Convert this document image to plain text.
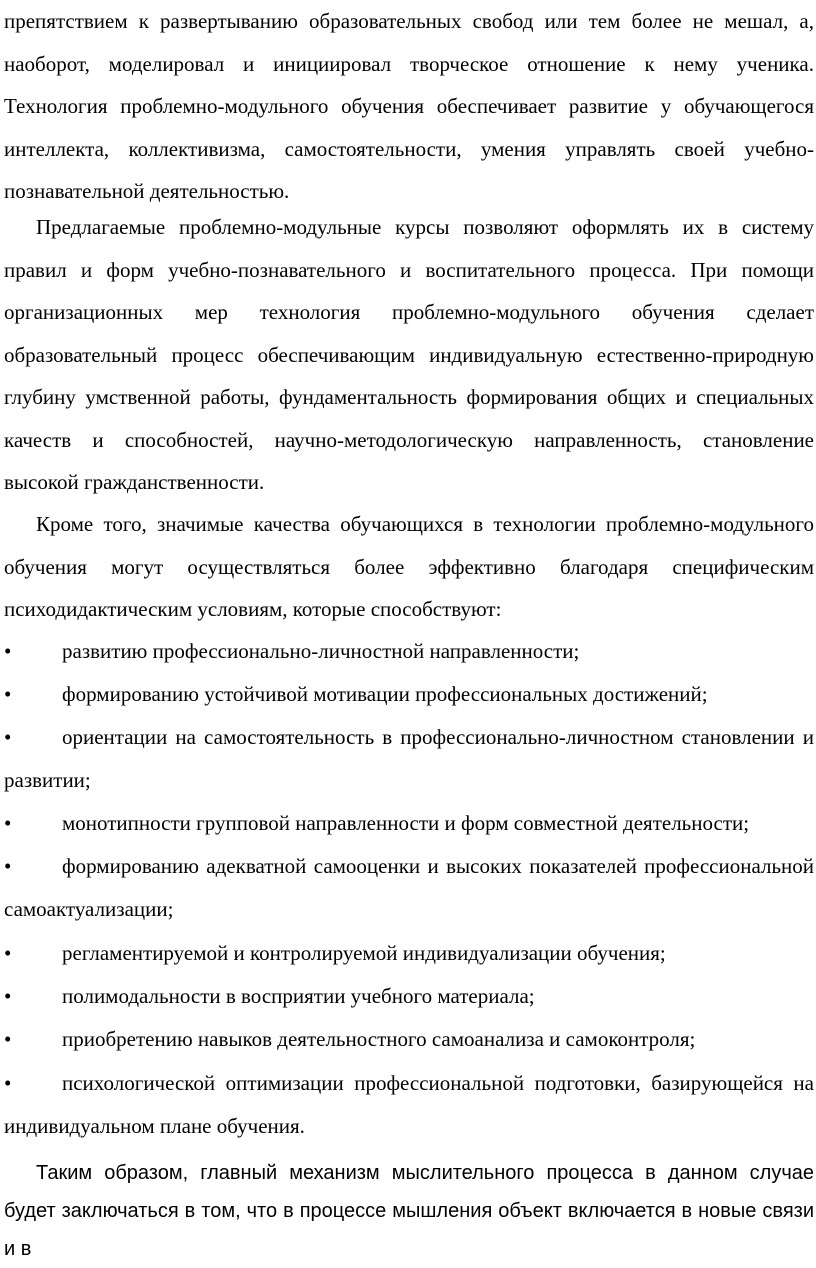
препятствием к развертыванию образовательных свобод или тем более не мешал, а, наоборот, моделировал и инициировал творческое отношение к нему ученика. Технология проблемно-модульного обучения обеспечивает развитие у обучающегося интеллекта, коллективизма, самостоятельности, умения управлять своей учебно-познавательной деятельностью.

Предлагаемые проблемно-модульные курсы позволяют оформлять их в систему правил и форм учебно-познавательного и воспитательного процесса. При помощи организационных мер технология проблемно-модульного обучения сделает образовательный процесс обеспечивающим индивидуальную естественно-природную глубину умственной работы, фундаментальность формирования общих и специальных качеств и способностей, научно-методологическую направленность, становление высокой гражданственности.

Кроме того, значимые качества обучающихся в технологии проблемно-модульного обучения могут осуществляться более эффективно благодаря специфическим психодидактическим условиям, которые способствуют:

• развитию профессионально-личностной направленности;

• формированию устойчивой мотивации профессиональных достижений;

• ориентации на самостоятельность в профессионально-личностном становлении и развитии;

• монотипности групповой направленности и форм совместной деятельности;

• формированию адекватной самооценки и высоких показателей профессиональной самоактуализации;

• регламентируемой и контролируемой индивидуализации обучения;

• полимодальности в восприятии учебного материала;

• приобретению навыков деятельностного самоанализа и самоконтроля;

• психологической оптимизации профессиональной подготовки, базирующейся на индивидуальном плане обучения.

Таким образом, главный механизм мыслительного процесса в данном случае будет заключаться в том, что в процессе мышления объект включается в новые связи и в
